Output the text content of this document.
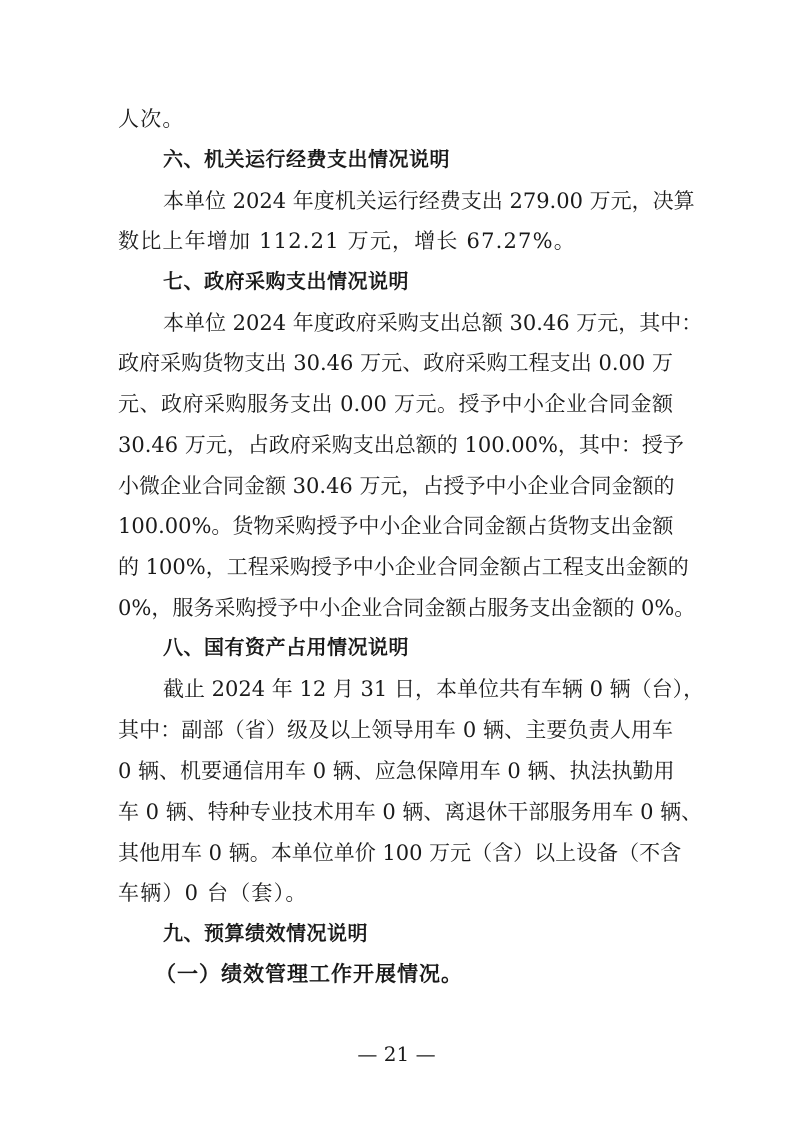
人次。
六、机关运行经费支出情况说明
本单位 2024 年度机关运行经费支出 279.00 万元，决算
数比上年增加 112.21 万元，增长 67.27%。
七、政府采购支出情况说明
本单位 2024 年度政府采购支出总额 30.46 万元，其中：
政府采购货物支出 30.46 万元、政府采购工程支出 0.00 万
元、政府采购服务支出 0.00 万元。授予中小企业合同金额
30.46 万元，占政府采购支出总额的 100.00%，其中：授予
小微企业合同金额 30.46 万元，占授予中小企业合同金额的
100.00%。货物采购授予中小企业合同金额占货物支出金额
的 100%，工程采购授予中小企业合同金额占工程支出金额的
0%，服务采购授予中小企业合同金额占服务支出金额的 0%。
八、国有资产占用情况说明
截止 2024 年 12 月 31 日，本单位共有车辆 0 辆（台），
其中：副部（省）级及以上领导用车 0 辆、主要负责人用车
0 辆、机要通信用车 0 辆、应急保障用车 0 辆、执法执勤用
车 0 辆、特种专业技术用车 0 辆、离退休干部服务用车 0 辆、
其他用车 0 辆。本单位单价 100 万元（含）以上设备（不含
车辆）0 台（套）。
九、预算绩效情况说明
（一）绩效管理工作开展情况。
— 21 —
